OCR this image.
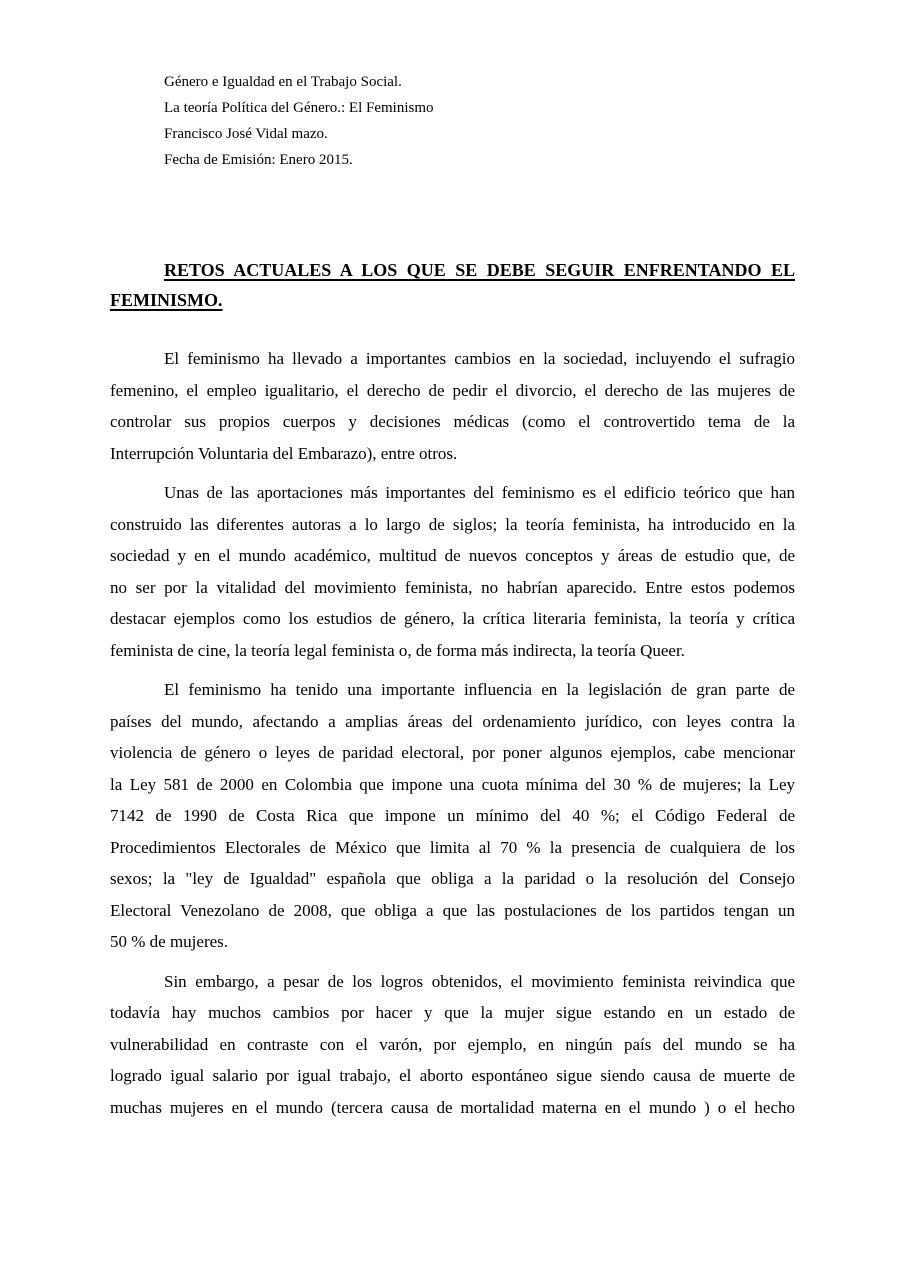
Género e Igualdad en el Trabajo Social.
La teoría Política del Género.: El Feminismo
Francisco José Vidal mazo.
Fecha de Emisión: Enero 2015.
RETOS ACTUALES A LOS QUE SE DEBE SEGUIR ENFRENTANDO EL
FEMINISMO.
El feminismo ha llevado a importantes cambios en la sociedad, incluyendo el sufragio
femenino, el empleo igualitario, el derecho de pedir el divorcio, el derecho de las mujeres de
controlar sus propios cuerpos y decisiones médicas (como el controvertido tema de la
Interrupción Voluntaria del Embarazo), entre otros.
Unas de las aportaciones más importantes del feminismo es el edificio teórico que han
construido las diferentes autoras a lo largo de siglos; la teoría feminista, ha introducido en la
sociedad y en el mundo académico, multitud de nuevos conceptos y áreas de estudio que, de
no ser por la vitalidad del movimiento feminista, no habrían aparecido. Entre estos podemos
destacar ejemplos como los estudios de género, la crítica literaria feminista, la teoría y crítica
feminista de cine, la teoría legal feminista o, de forma más indirecta, la teoría Queer.
El feminismo ha tenido una importante influencia en la legislación de gran parte de
países del mundo, afectando a amplias áreas del ordenamiento jurídico, con leyes contra la
violencia de género o leyes de paridad electoral, por poner algunos ejemplos, cabe mencionar
la Ley 581 de 2000 en Colombia que impone una cuota mínima del 30 % de mujeres; la Ley
7142 de 1990 de Costa Rica que impone un mínimo del 40 %; el Código Federal de
Procedimientos Electorales de México que limita al 70 % la presencia de cualquiera de los
sexos; la "ley de Igualdad" española que obliga a la paridad o la resolución del Consejo
Electoral Venezolano de 2008, que obliga a que las postulaciones de los partidos tengan un
50 % de mujeres.
Sin embargo, a pesar de los logros obtenidos, el movimiento feminista reivindica que
todavía hay muchos cambios por hacer y que la mujer sigue estando en un estado de
vulnerabilidad en contraste con el varón, por ejemplo, en ningún país del mundo se ha
logrado igual salario por igual trabajo, el aborto espontáneo sigue siendo causa de muerte de
muchas mujeres en el mundo (tercera causa de mortalidad materna en el mundo ) o el hecho
